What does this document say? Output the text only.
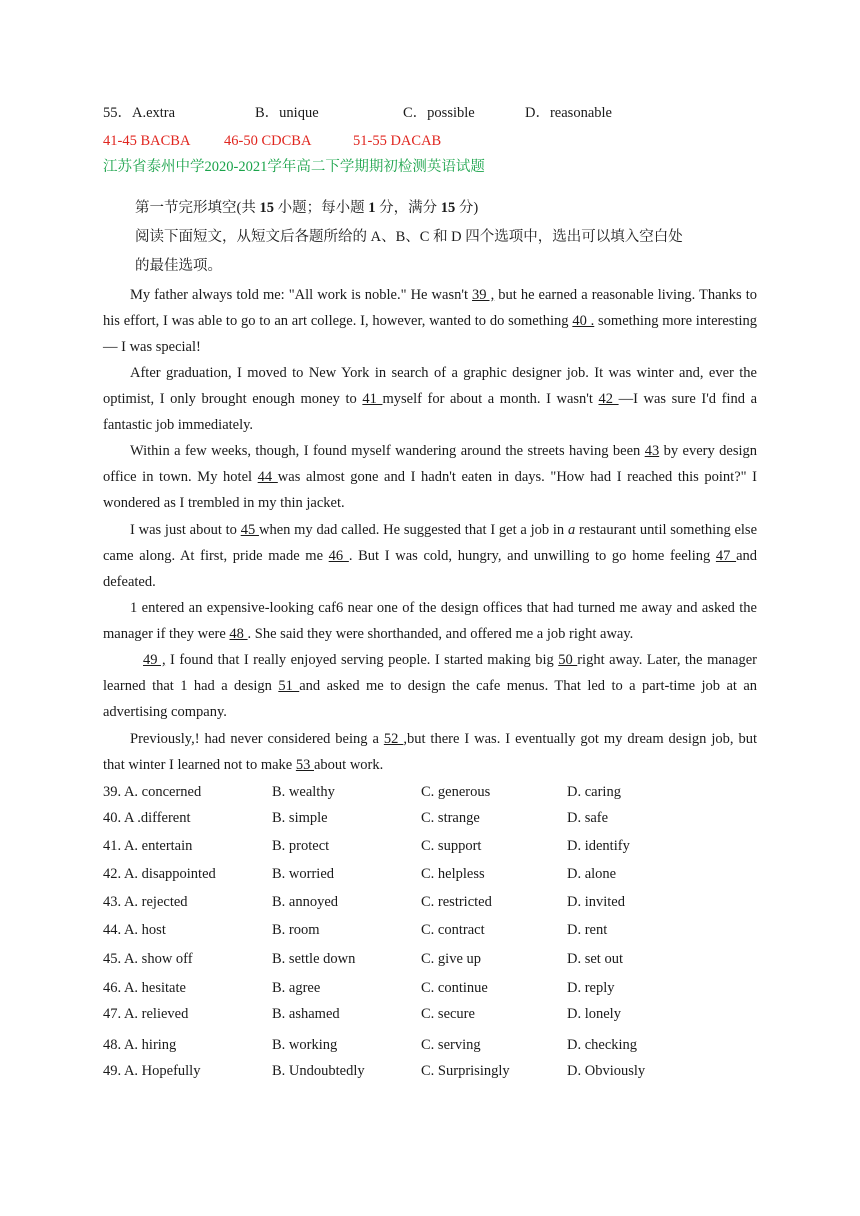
55．A.extra	B．unique	C．possible	D．reasonable
41-45 BACBA 46-50 CDCBA	51-55 DACAB
江苏省泰州中学2020-2021学年高二下学期期初检测英语试题
第一节完形填空(共 15 小题；每小题 1 分，满分 15 分)
阅读下面短文，从短文后各题所给的 A、B、C 和 D 四个选项中，选出可以填入空白处
的最佳选项。
My father always told me: "All work is noble." He wasn't 39 , but he earned a reasonable living. Thanks to his effort, I was able to go to an art college. I, however, wanted to do something 40 . something more interesting — I was special!
After graduation, I moved to New York in search of a graphic designer job. It was winter and, ever the optimist, I only brought enough money to 41 myself for about a month. I wasn't 42 —I was sure I'd find a fantastic job immediately.
Within a few weeks, though, I found myself wandering around the streets having been 43 by every design office in town. My hotel 44 was almost gone and I hadn't eaten in days. "How had I reached this point?" I wondered as I trembled in my thin jacket.
I was just about to 45 when my dad called. He suggested that I get a job in a restaurant until something else came along. At first, pride made me 46 . But I was cold, hungry, and unwilling to go home feeling 47 and defeated.
1 entered an expensive-looking caf6 near one of the design offices that had turned me away and asked the manager if they were 48 . She said they were shorthanded, and offered me a job right away.
49 , I found that I really enjoyed serving people. I started making big 50 right away. Later, the manager learned that 1 had a design 51 and asked me to design the cafe menus. That led to a part-time job at an advertising company.
Previously,! had never considered being a 52 ,but there I was. I eventually got my dream design job, but that winter I learned not to make 53 about work.
39. A. concerned	B. wealthy	C. generous	D. caring
40. A .different	B. simple	C. strange	D. safe
41. A. entertain	B. protect	C. support	D. identify
42. A. disappointed	B. worried	C. helpless	D. alone
43. A. rejected	B. annoyed	C. restricted	D. invited
44. A. host	B. room	C. contract	D. rent
45. A. show off	B. settle down	C. give up	D. set out
46. A. hesitate	B. agree	C. continue	D. reply
47. A. relieved	B. ashamed	C. secure	D. lonely
48. A. hiring	B. working	C. serving	D. checking
49. A. Hopefully	B. Undoubtedly	C. Surprisingly	D. Obviously
